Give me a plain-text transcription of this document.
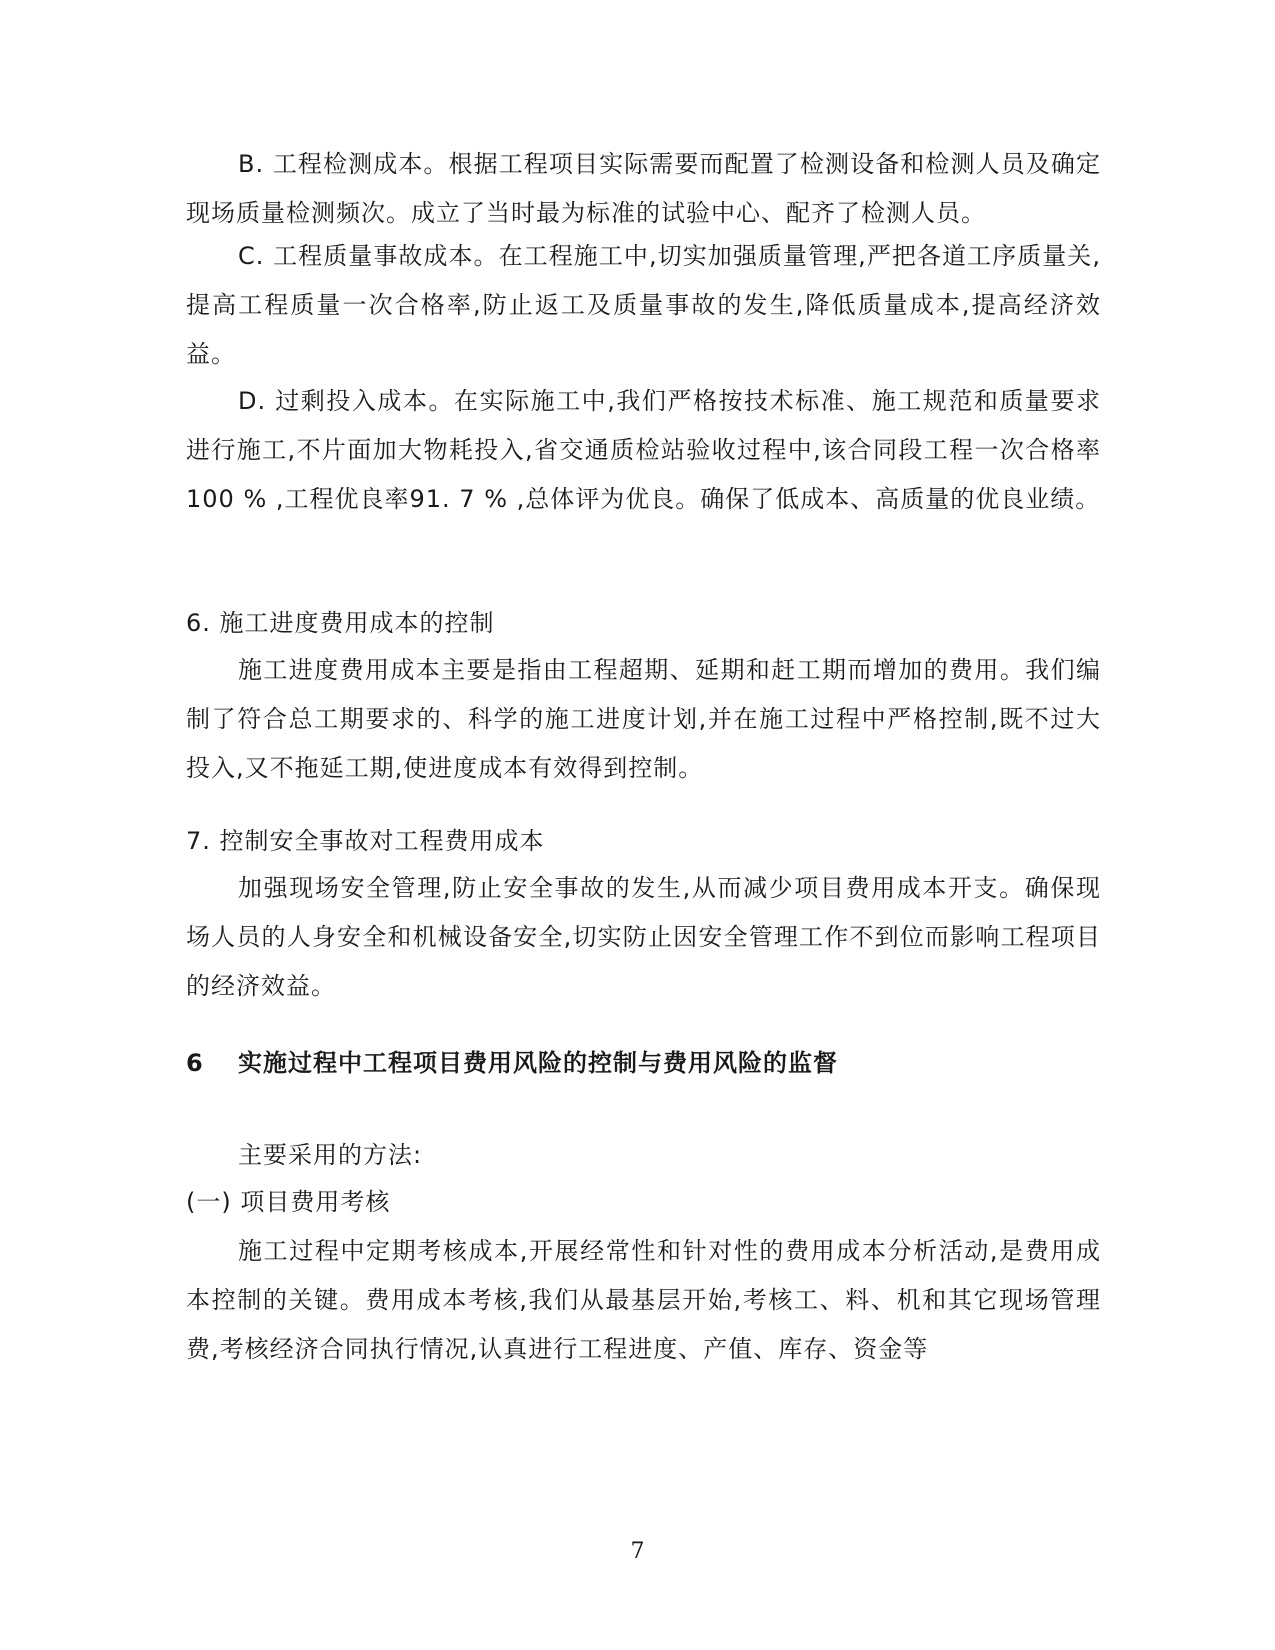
B. 工程检测成本。根据工程项目实际需要而配置了检测设备和检测人员及确定现场质量检测频次。成立了当时最为标准的试验中心、配齐了检测人员。

C. 工程质量事故成本。在工程施工中,切实加强质量管理,严把各道工序质量关,提高工程质量一次合格率,防止返工及质量事故的发生,降低质量成本,提高经济效益。

D. 过剩投入成本。在实际施工中,我们严格按技术标准、施工规范和质量要求进行施工,不片面加大物耗投入,省交通质检站验收过程中,该合同段工程一次合格率100 % ,工程优良率91. 7 % ,总体评为优良。确保了低成本、高质量的优良业绩。

6. 施工进度费用成本的控制

施工进度费用成本主要是指由工程超期、延期和赶工期而增加的费用。我们编制了符合总工期要求的、科学的施工进度计划,并在施工过程中严格控制,既不过大投入,又不拖延工期,使进度成本有效得到控制。

7. 控制安全事故对工程费用成本

加强现场安全管理,防止安全事故的发生,从而减少项目费用成本开支。确保现场人员的人身安全和机械设备安全,切实防止因安全管理工作不到位而影响工程项目的经济效益。

6 实施过程中工程项目费用风险的控制与费用风险的监督

主要采用的方法:

(一) 项目费用考核

施工过程中定期考核成本,开展经常性和针对性的费用成本分析活动,是费用成本控制的关键。费用成本考核,我们从最基层开始,考核工、料、机和其它现场管理费,考核经济合同执行情况,认真进行工程进度、产值、库存、资金等

7
